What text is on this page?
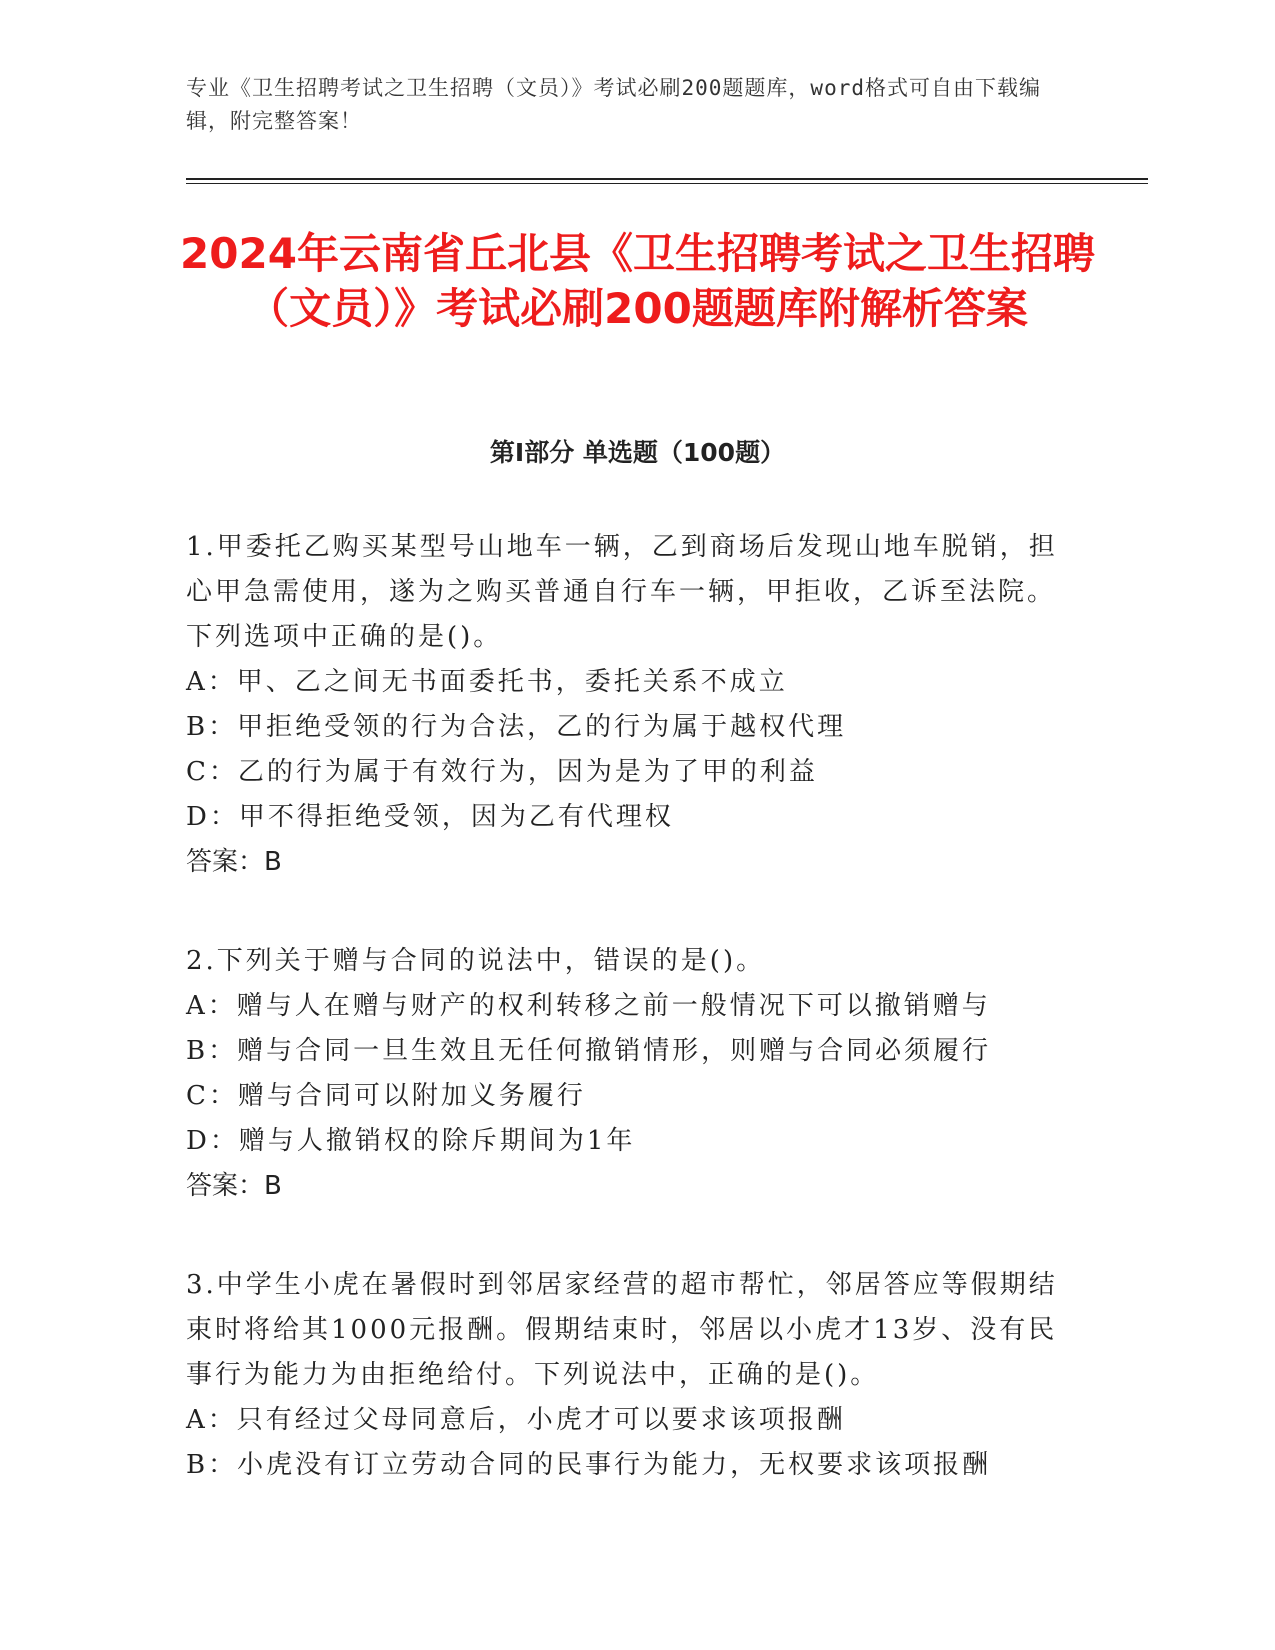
专业《卫生招聘考试之卫生招聘（文员）》考试必刷200题题库，word格式可自由下载编辑，附完整答案！
2024年云南省丘北县《卫生招聘考试之卫生招聘（文员）》考试必刷200题题库附解析答案
第Ⅰ部分 单选题（100题）

1.甲委托乙购买某型号山地车一辆，乙到商场后发现山地车脱销，担心甲急需使用，遂为之购买普通自行车一辆，甲拒收，乙诉至法院。下列选项中正确的是()。

A：甲、乙之间无书面委托书，委托关系不成立

B：甲拒绝受领的行为合法，乙的行为属于越权代理

C：乙的行为属于有效行为，因为是为了甲的利益

D：甲不得拒绝受领，因为乙有代理权

答案：B

2.下列关于赠与合同的说法中，错误的是()。

A：赠与人在赠与财产的权利转移之前一般情况下可以撤销赠与

B：赠与合同一旦生效且无任何撤销情形，则赠与合同必须履行

C：赠与合同可以附加义务履行

D：赠与人撤销权的除斥期间为1年

答案：B

3.中学生小虎在暑假时到邻居家经营的超市帮忙，邻居答应等假期结束时将给其1000元报酬。假期结束时，邻居以小虎才13岁、没有民事行为能力为由拒绝给付。下列说法中，正确的是()。

A：只有经过父母同意后，小虎才可以要求该项报酬

B：小虎没有订立劳动合同的民事行为能力，无权要求该项报酬
